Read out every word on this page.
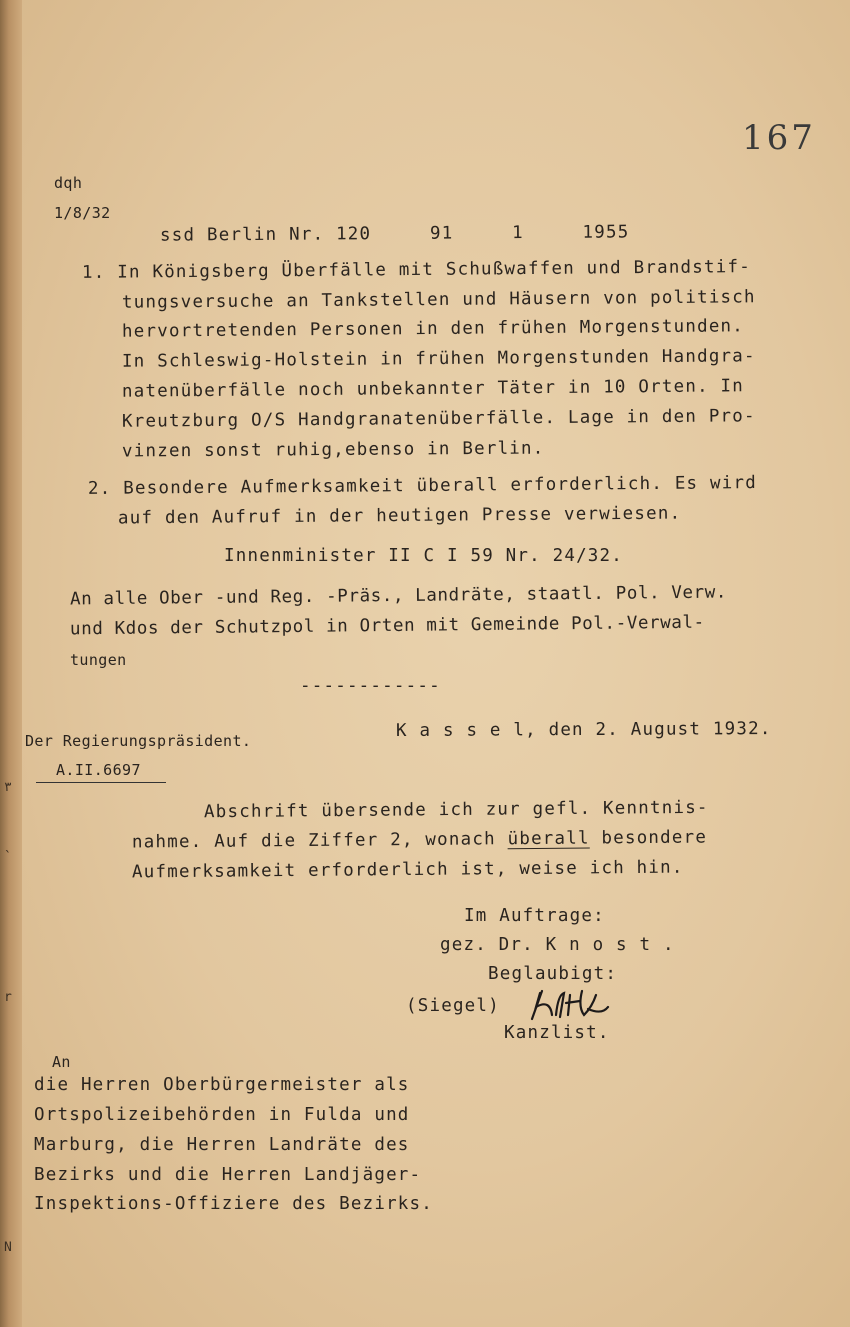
٣
`
r
Ν
167
dqh
1/8/32
ssd Berlin Nr. 120     91     1     1955
1. In Königsberg Überfälle mit Schußwaffen und Brandstif-
tungsversuche an Tankstellen und Häusern von politisch
hervortretenden Personen in den frühen Morgenstunden.
In Schleswig-Holstein in frühen Morgenstunden Handgra-
natenüberfälle noch unbekannter Täter in 10 Orten. In
Kreutzburg O/S Handgranatenüberfälle. Lage in den Pro-
vinzen sonst ruhig,ebenso in Berlin.
2. Besondere Aufmerksamkeit überall erforderlich. Es wird
auf den Aufruf in der heutigen Presse verwiesen.
Innenminister II C I 59 Nr. 24/32.
An alle Ober -und Reg. -Präs., Landräte, staatl. Pol. Verw.
und Kdos der Schutzpol in Orten mit Gemeinde Pol.-Verwal-
tungen
------------
Der Regierungspräsident.
K a s s e l, den 2. August 1932.
A.II.6697
Abschrift übersende ich zur gefl. Kenntnis-
nahme. Auf die Ziffer 2, wonach überall besondere
Aufmerksamkeit erforderlich ist, weise ich hin.
Im Auftrage:
gez. Dr. K n o s t .
Beglaubigt:
(Siegel)
Kanzlist.
An
die Herren Oberbürgermeister als
Ortspolizeibehörden in Fulda und
Marburg, die Herren Landräte des
Bezirks und die Herren Landjäger-
Inspektions-Offiziere des Bezirks.
